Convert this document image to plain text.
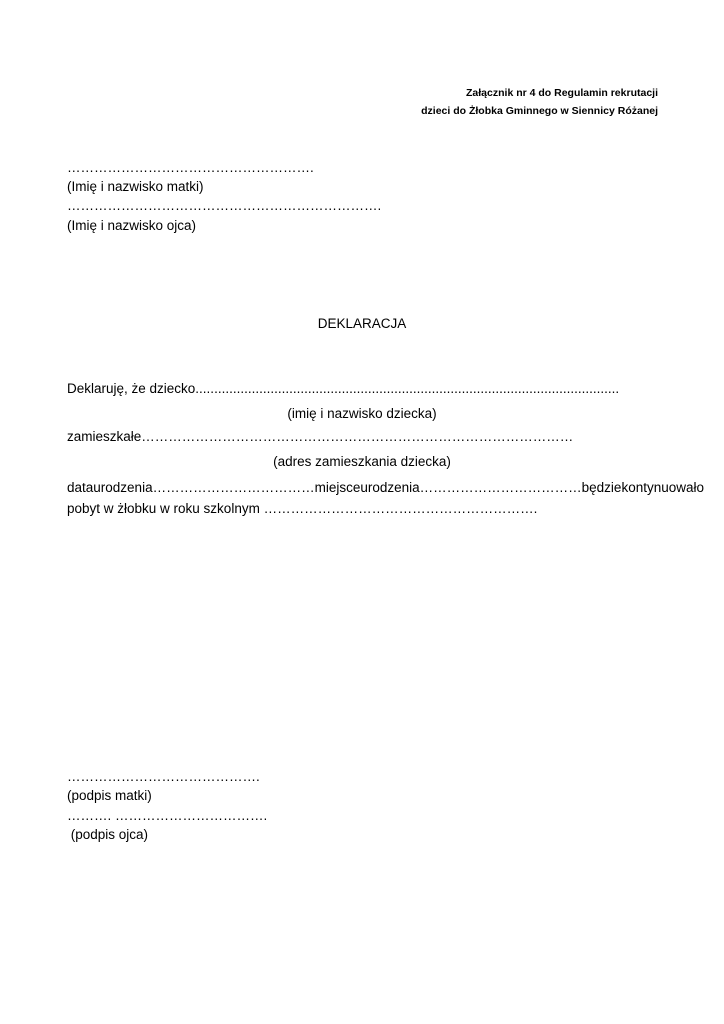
Załącznik nr 4 do Regulamin rekrutacji
dzieci do Żłobka Gminnego w Siennicy Różanej
……………………………………………….
(Imię i nazwisko matki)
…………………………………………………………….
(Imię i nazwisko ojca)
DEKLARACJA
Deklaruję, że dziecko.................................................................................................................
(imię i nazwisko dziecka)
zamieszkałe……………………………………………………………………………………
(adres zamieszkania dziecka)
data urodzenia……………………………… miejsce urodzenia……………………………… będzie kontynuowało
pobyt w żłobku w roku szkolnym …………………………………………………….
…………………………………….
(podpis matki)
………. …………………………….
(podpis ojca)
